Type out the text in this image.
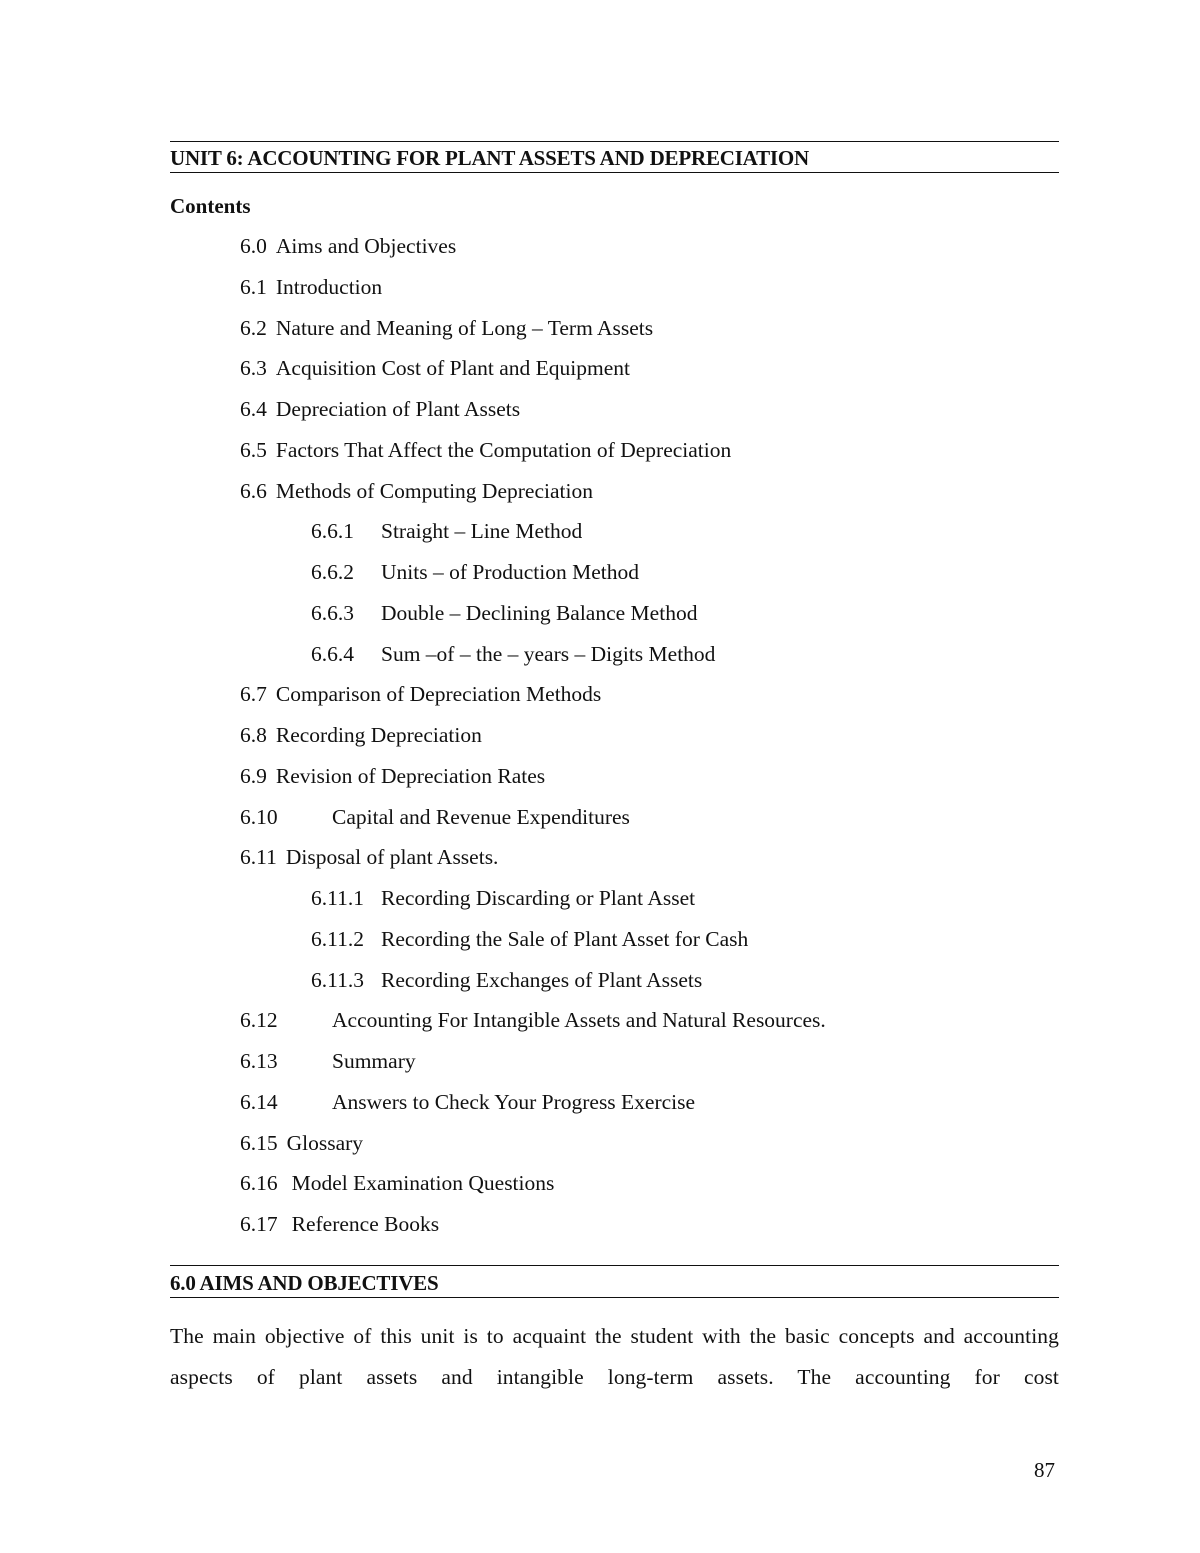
UNIT 6: ACCOUNTING FOR PLANT ASSETS AND DEPRECIATION
Contents
6.0 Aims and Objectives
6.1 Introduction
6.2 Nature and Meaning of Long – Term Assets
6.3 Acquisition Cost of Plant and Equipment
6.4 Depreciation of Plant Assets
6.5 Factors That Affect the Computation of Depreciation
6.6 Methods of Computing Depreciation
6.6.1 Straight – Line Method
6.6.2 Units – of Production Method
6.6.3 Double – Declining Balance Method
6.6.4 Sum –of – the – years – Digits Method
6.7 Comparison of Depreciation Methods
6.8 Recording Depreciation
6.9 Revision of Depreciation Rates
6.10	Capital and Revenue Expenditures
6.11 Disposal of plant Assets.
6.11.1 Recording Discarding or Plant Asset
6.11.2 Recording the Sale of Plant Asset for Cash
6.11.3 Recording Exchanges of Plant Assets
6.12	Accounting For Intangible Assets and Natural Resources.
6.13	Summary
6.14	Answers to Check Your Progress Exercise
6.15 Glossary
6.16 Model Examination Questions
6.17 Reference Books
6.0 AIMS AND OBJECTIVES

The main objective of this unit is to acquaint the student with the basic concepts and accounting aspects of plant assets and intangible long-term assets. The accounting for cost

87
